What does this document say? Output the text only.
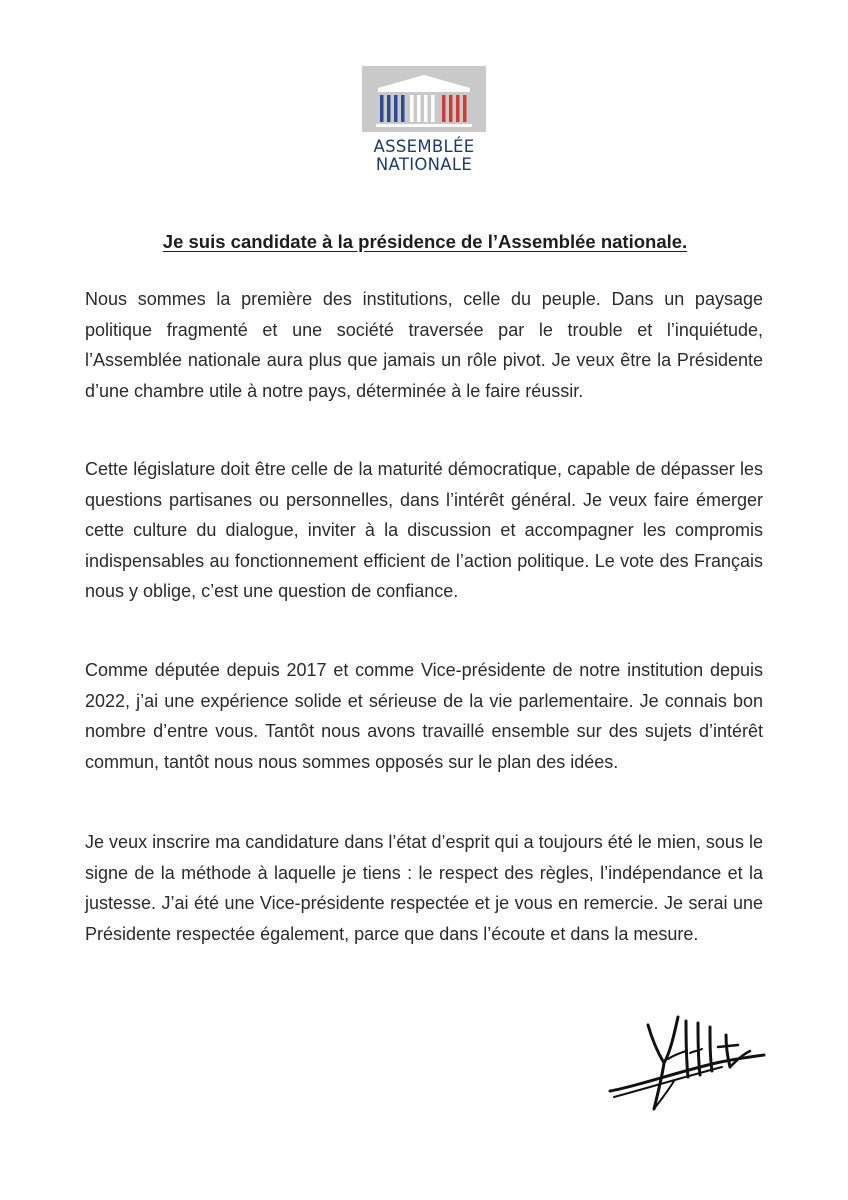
ASSEMBLÉE
NATIONALE
Je suis candidate à la présidence de l’Assemblée nationale.

Nous sommes la première des institutions, celle du peuple. Dans un paysage politique fragmenté et une société traversée par le trouble et l’inquiétude, l’Assemblée nationale aura plus que jamais un rôle pivot. Je veux être la Présidente d’une chambre utile à notre pays, déterminée à le faire réussir.

Cette législature doit être celle de la maturité démocratique, capable de dépasser les questions partisanes ou personnelles, dans l’intérêt général. Je veux faire émerger cette culture du dialogue, inviter à la discussion et accompagner les compromis indispensables au fonctionnement efficient de l’action politique. Le vote des Français nous y oblige, c’est une question de confiance.

Comme députée depuis 2017 et comme Vice-présidente de notre institution depuis 2022, j’ai une expérience solide et sérieuse de la vie parlementaire. Je connais bon nombre d’entre vous. Tantôt nous avons travaillé ensemble sur des sujets d’intérêt commun, tantôt nous nous sommes opposés sur le plan des idées.

Je veux inscrire ma candidature dans l’état d’esprit qui a toujours été le mien, sous le signe de la méthode à laquelle je tiens : le respect des règles, l’indépendance et la justesse. J’ai été une Vice-présidente respectée et je vous en remercie. Je serai une Présidente respectée également, parce que dans l’écoute et dans la mesure.
